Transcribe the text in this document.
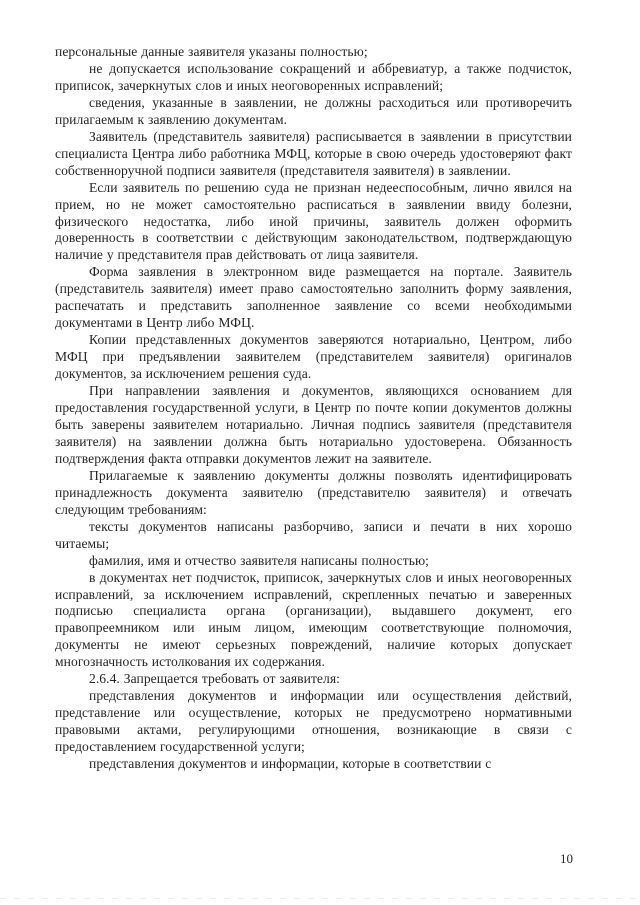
персональные данные заявителя указаны полностью;

не допускается использование сокращений и аббревиатур, а также подчисток, приписок, зачеркнутых слов и иных неоговоренных исправлений;

сведения, указанные в заявлении, не должны расходиться или противоречить прилагаемым к заявлению документам.

Заявитель (представитель заявителя) расписывается в заявлении в присутствии специалиста Центра либо работника МФЦ, которые в свою очередь удостоверяют факт собственноручной подписи заявителя (представителя заявителя) в заявлении.

Если заявитель по решению суда не признан недееспособным, лично явился на прием, но не может самостоятельно расписаться в заявлении ввиду болезни, физического недостатка, либо иной причины, заявитель должен оформить доверенность в соответствии с действующим законодательством, подтверждающую наличие у представителя прав действовать от лица заявителя.

Форма заявления в электронном виде размещается на портале. Заявитель (представитель заявителя) имеет право самостоятельно заполнить форму заявления, распечатать и представить заполненное заявление со всеми необходимыми документами в Центр либо МФЦ.

Копии представленных документов заверяются нотариально, Центром, либо МФЦ при предъявлении заявителем (представителем заявителя) оригиналов документов, за исключением решения суда.

При направлении заявления и документов, являющихся основанием для предоставления государственной услуги, в Центр по почте копии документов должны быть заверены заявителем нотариально. Личная подпись заявителя (представителя заявителя) на заявлении должна быть нотариально удостоверена. Обязанность подтверждения факта отправки документов лежит на заявителе.

Прилагаемые к заявлению документы должны позволять идентифицировать принадлежность документа заявителю (представителю заявителя) и отвечать следующим требованиям:

тексты документов написаны разборчиво, записи и печати в них хорошо читаемы;

фамилия, имя и отчество заявителя написаны полностью;

в документах нет подчисток, приписок, зачеркнутых слов и иных неоговоренных исправлений, за исключением исправлений, скрепленных печатью и заверенных подписью специалиста органа (организации), выдавшего документ, его правопреемником или иным лицом, имеющим соответствующие полномочия, документы не имеют серьезных повреждений, наличие которых допускает многозначность истолкования их содержания.

2.6.4. Запрещается требовать от заявителя:

представления документов и информации или осуществления действий, представление или осуществление, которых не предусмотрено нормативными правовыми актами, регулирующими отношения, возникающие в связи с предоставлением государственной услуги;

представления документов и информации, которые в соответствии с

10
